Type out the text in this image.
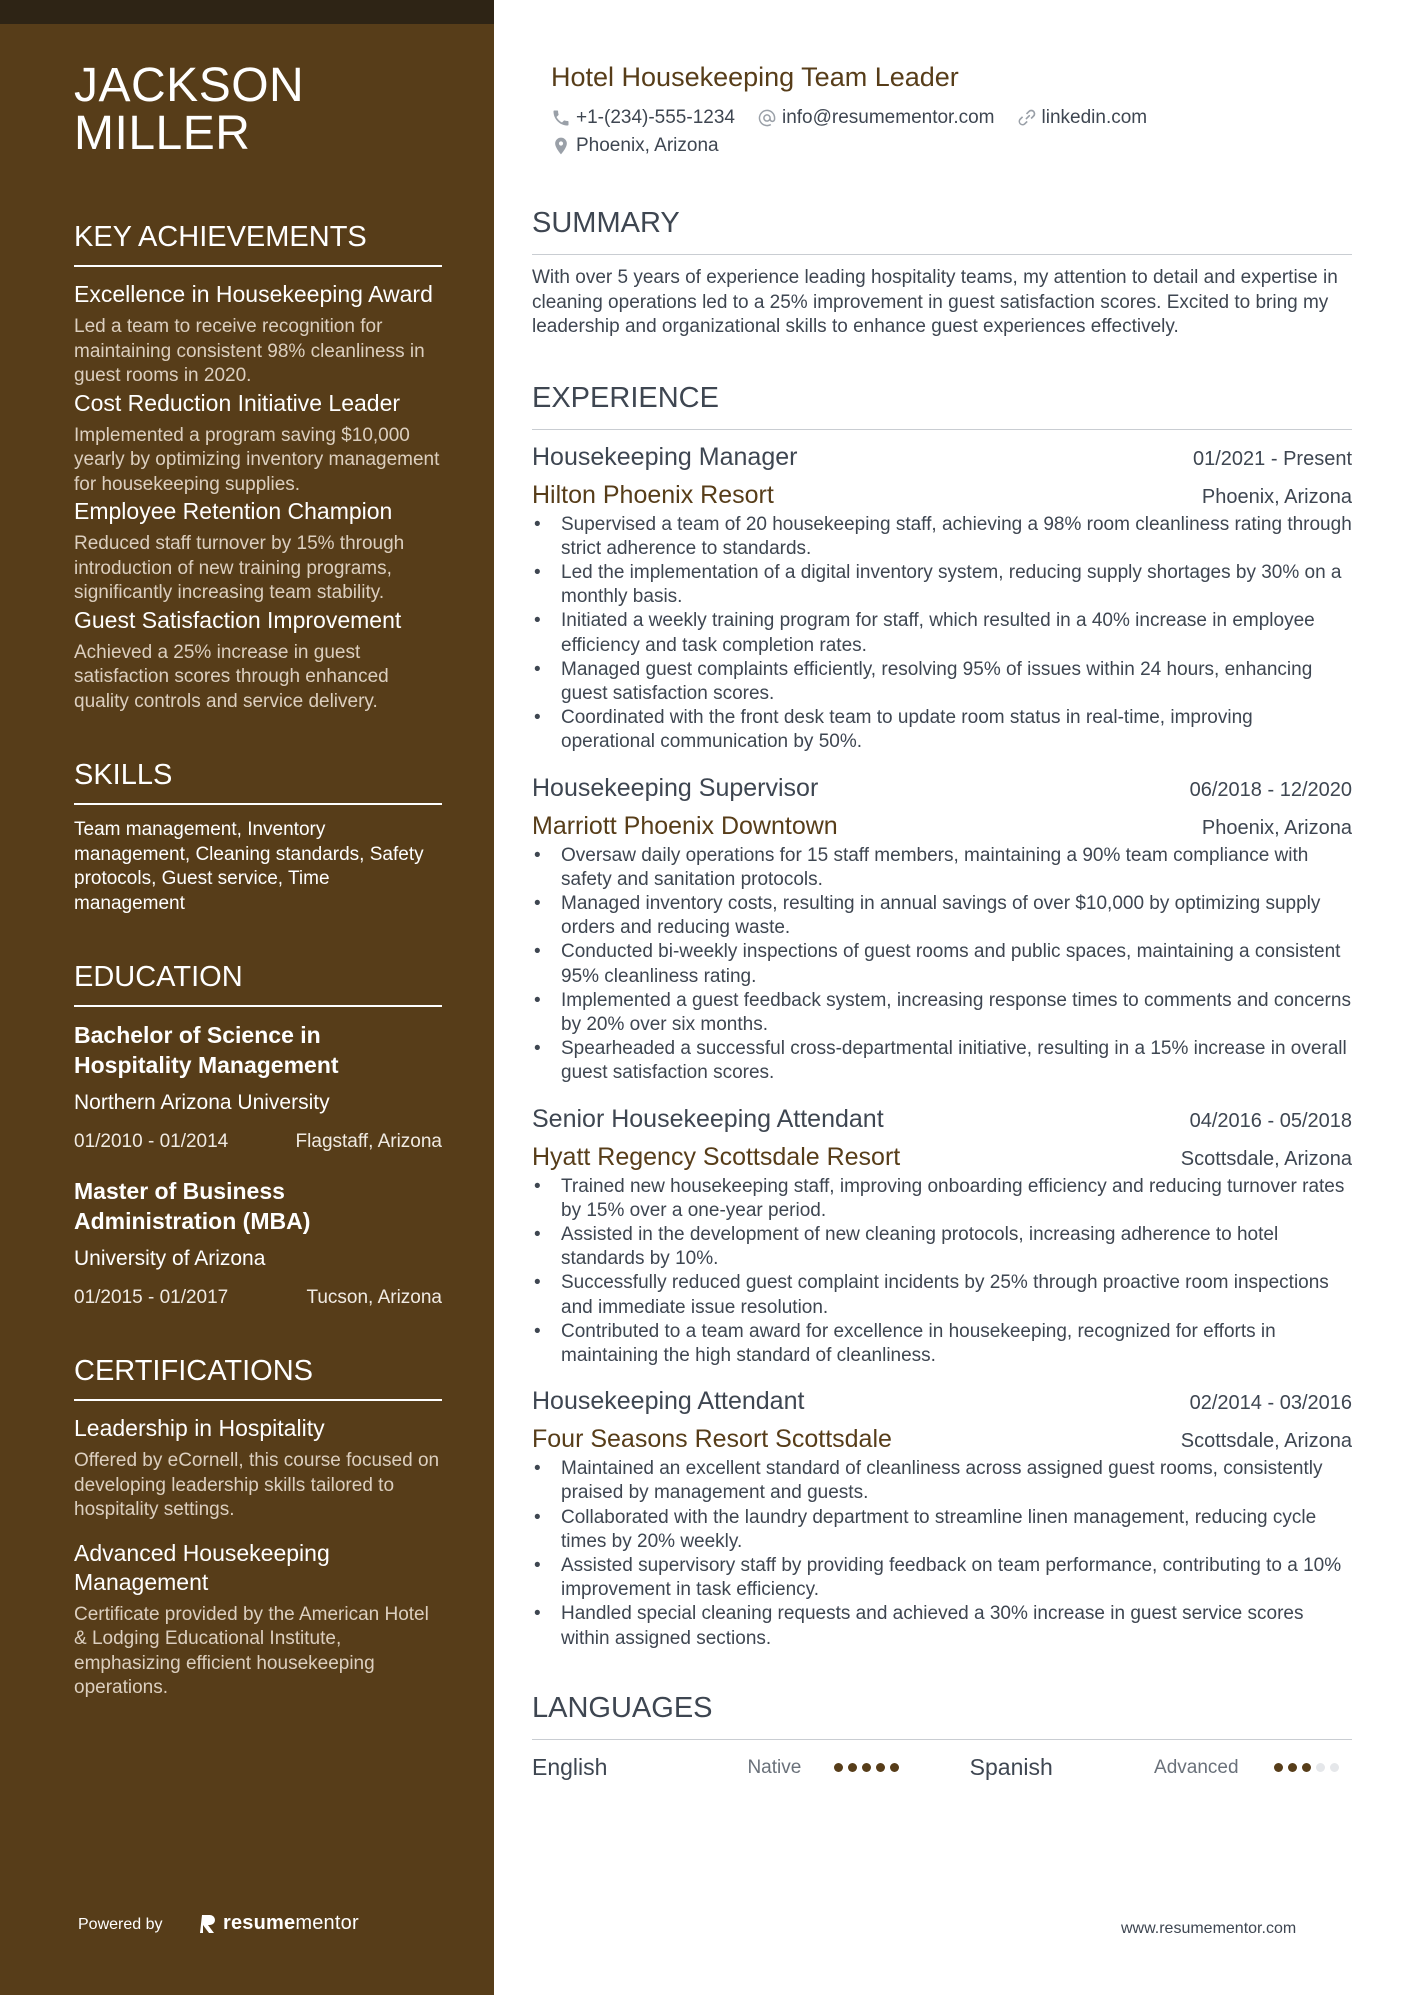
JACKSON
MILLER
KEY ACHIEVEMENTS
Excellence in Housekeeping Award
Led a team to receive recognition for maintaining consistent 98% cleanliness in guest rooms in 2020.
Cost Reduction Initiative Leader
Implemented a program saving $10,000 yearly by optimizing inventory management for housekeeping supplies.
Employee Retention Champion
Reduced staff turnover by 15% through introduction of new training programs, significantly increasing team stability.
Guest Satisfaction Improvement
Achieved a 25% increase in guest satisfaction scores through enhanced quality controls and service delivery.
SKILLS
Team management, Inventory management, Cleaning standards, Safety protocols, Guest service, Time management
EDUCATION
Bachelor of Science in Hospitality Management
Northern Arizona University
01/2010 - 01/2014	Flagstaff, Arizona
Master of Business Administration (MBA)
University of Arizona
01/2015 - 01/2017	Tucson, Arizona
CERTIFICATIONS
Leadership in Hospitality
Offered by eCornell, this course focused on developing leadership skills tailored to hospitality settings.
Advanced Housekeeping Management
Certificate provided by the American Hotel & Lodging Educational Institute, emphasizing efficient housekeeping operations.
Powered by	resume mentor
Hotel Housekeeping Team Leader
+1-(234)-555-1234 info@resumementor.com linkedin.com
Phoenix, Arizona
SUMMARY
With over 5 years of experience leading hospitality teams, my attention to detail and expertise in cleaning operations led to a 25% improvement in guest satisfaction scores. Excited to bring my leadership and organizational skills to enhance guest experiences effectively.
EXPERIENCE
Housekeeping Manager	01/2021 - Present
Hilton Phoenix Resort	Phoenix, Arizona
• Supervised a team of 20 housekeeping staff, achieving a 98% room cleanliness rating through strict adherence to standards.
• Led the implementation of a digital inventory system, reducing supply shortages by 30% on a monthly basis.
• Initiated a weekly training program for staff, which resulted in a 40% increase in employee efficiency and task completion rates.
• Managed guest complaints efficiently, resolving 95% of issues within 24 hours, enhancing guest satisfaction scores.
• Coordinated with the front desk team to update room status in real-time, improving operational communication by 50%.
Housekeeping Supervisor	06/2018 - 12/2020
Marriott Phoenix Downtown	Phoenix, Arizona
• Oversaw daily operations for 15 staff members, maintaining a 90% team compliance with safety and sanitation protocols.
• Managed inventory costs, resulting in annual savings of over $10,000 by optimizing supply orders and reducing waste.
• Conducted bi-weekly inspections of guest rooms and public spaces, maintaining a consistent 95% cleanliness rating.
• Implemented a guest feedback system, increasing response times to comments and concerns by 20% over six months.
• Spearheaded a successful cross-departmental initiative, resulting in a 15% increase in overall guest satisfaction scores.
Senior Housekeeping Attendant	04/2016 - 05/2018
Hyatt Regency Scottsdale Resort	Scottsdale, Arizona
• Trained new housekeeping staff, improving onboarding efficiency and reducing turnover rates by 15% over a one-year period.
• Assisted in the development of new cleaning protocols, increasing adherence to hotel standards by 10%.
• Successfully reduced guest complaint incidents by 25% through proactive room inspections and immediate issue resolution.
• Contributed to a team award for excellence in housekeeping, recognized for efforts in maintaining the high standard of cleanliness.
Housekeeping Attendant	02/2014 - 03/2016
Four Seasons Resort Scottsdale	Scottsdale, Arizona
• Maintained an excellent standard of cleanliness across assigned guest rooms, consistently praised by management and guests.
• Collaborated with the laundry department to streamline linen management, reducing cycle times by 20% weekly.
• Assisted supervisory staff by providing feedback on team performance, contributing to a 10% improvement in task efficiency.
• Handled special cleaning requests and achieved a 30% increase in guest service scores within assigned sections.
LANGUAGES
English	Native	Spanish	Advanced
www.resumementor.com
